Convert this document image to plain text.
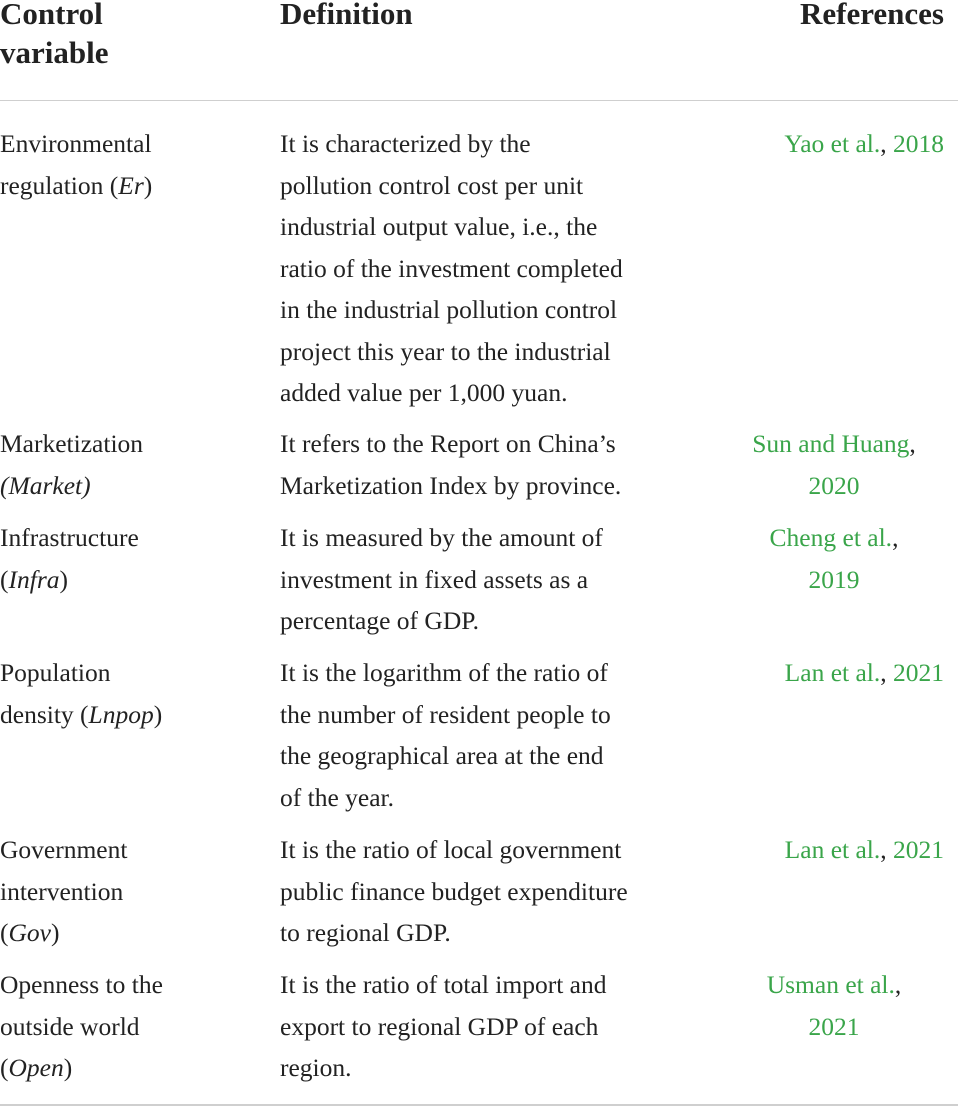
Control
variable
Definition	References
Environmental
regulation (Er)
It is characterized by the
pollution control cost per unit
industrial output value, i.e., the
ratio of the investment completed
in the industrial pollution control
project this year to the industrial
added value per 1,000 yuan.
Yao et al., 2018
Marketization
(Market)
It refers to the Report on China’s
Marketization Index by province.
Sun and Huang,
2020
Infrastructure
(Infra)
It is measured by the amount of
investment in fixed assets as a
percentage of GDP.
Cheng et al.,
2019
Population
density (Lnpop)
It is the logarithm of the ratio of
the number of resident people to
the geographical area at the end
of the year.
Lan et al., 2021
Government
intervention
(Gov)
It is the ratio of local government
public finance budget expenditure
to regional GDP.
Lan et al., 2021
Openness to the
outside world
(Open)
It is the ratio of total import and
export to regional GDP of each
region.
Usman et al.,
2021
